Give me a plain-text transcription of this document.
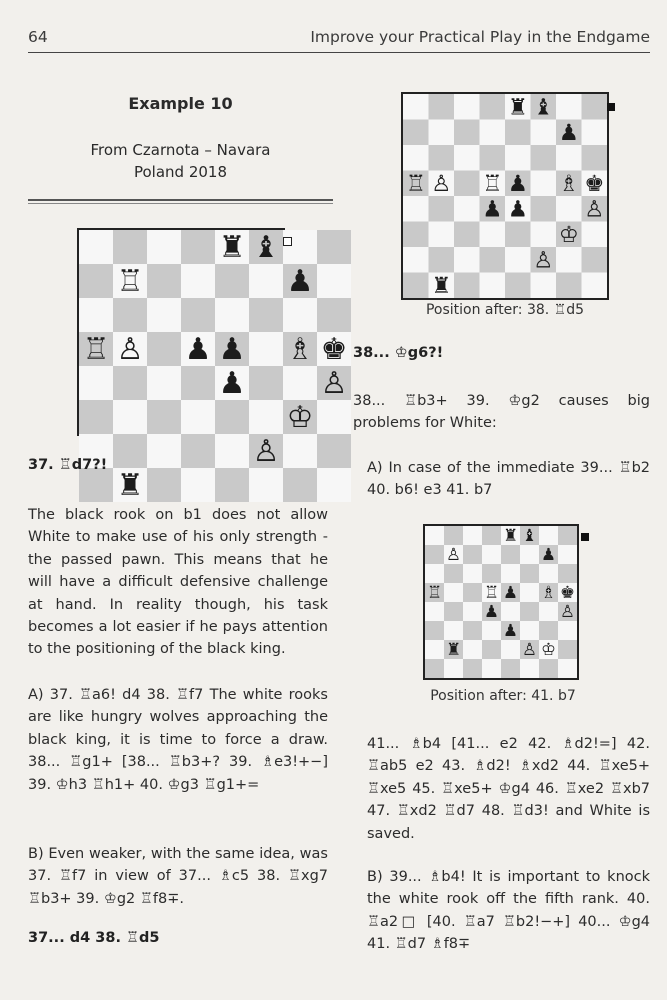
64	Improve your Practical Play in the Endgame
Example 10
From Czarnota – Navara
Poland 2018
♜ ♝
♖	♟
♖ ♙ ♟ ♟ ♗ ♚
♟	♙
♔
♙
♜
37. ♖d7?!

The black rook on b1 does not allow White to make use of his only strength - the passed pawn. This means that he will have a difficult defensive challenge at hand. In reality though, his task becomes a lot easier if he pays attention to the positioning of the black king.

A) 37. ♖a6! d4 38. ♖f7 The white rooks are like hungry wolves approaching the black king, it is time to force a draw. 38... ♖g1+ [38... ♖b3+? 39. ♗e3!+−] 39. ♔h3 ♖h1+ 40. ♔g3 ♖g1+=

B) Even weaker, with the same idea, was 37. ♖f7 in view of 37... ♗c5 38. ♖xg7 ♖b3+ 39. ♔g2 ♖f8∓.

37... d4 38. ♖d5
♜ ♝
♟
♖ ♙ ♖ ♟ ♗ ♚
♟ ♟	♙
♔
♙
♜
Position after: 38. ♖d5
38... ♔g6?!

38... ♖b3+ 39. ♔g2 causes big problems for White:

A) In case of the immediate 39... ♖b2 40. b6! e3 41. b7

♜ ♝
♙	♟
♖	♖ ♟ ♗ ♚
♟	♙
♟
♜	♙ ♔
Position after: 41. b7

41... ♗b4 [41... e2 42. ♗d2!=] 42. ♖ab5 e2 43. ♗d2! ♗xd2 44. ♖xe5+ ♖xe5 45. ♖xe5+ ♔g4 46. ♖xe2 ♖xb7 47. ♖xd2 ♖d7 48. ♖d3! and White is saved.

B) 39... ♗b4! It is important to knock the white rook off the fifth rank. 40. ♖a2□ [40. ♖a7 ♖b2!−+] 40... ♔g4 41. ♖d7 ♗f8∓
